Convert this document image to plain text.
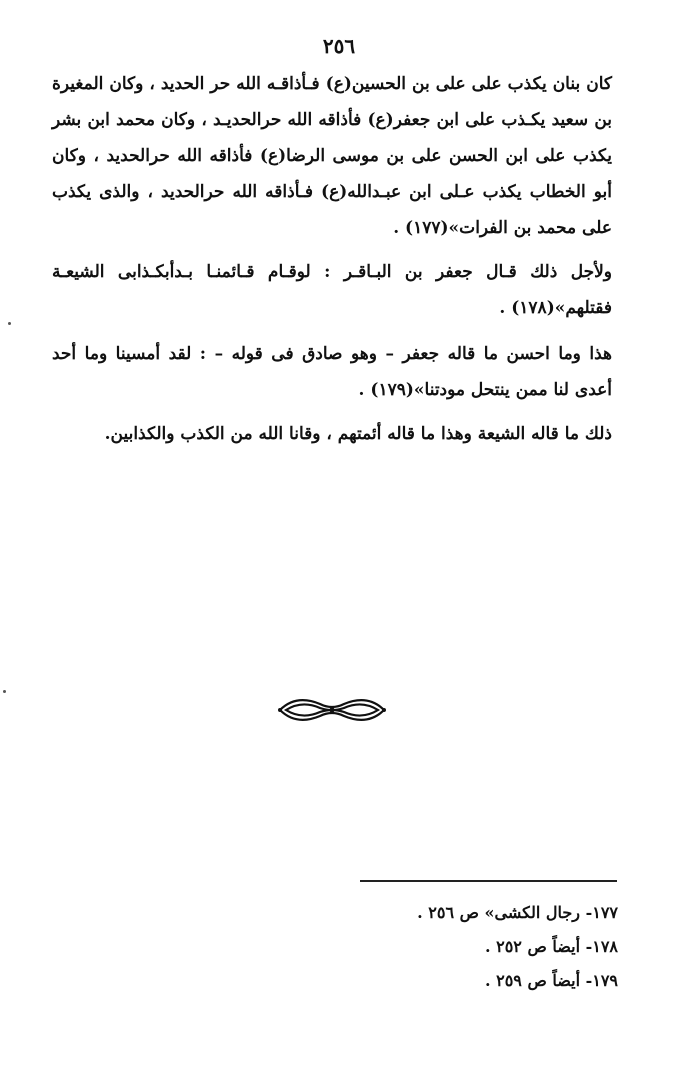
٢٥٦

كان بنان يكذب على على بن الحسين(ع) فـأذاقـه الله حر الحديد ، وكان المغيرة بن سعيد يكـذب على ابن جعفر(ع) فأذاقه الله حرالحديـد ، وكان محمد ابن بشر يكذب على ابن الحسن على بن موسى الرضا(ع) فأذاقه الله حرالحديد ، وكان أبو الخطاب يكذب عـلى ابن عبـدالله(ع) فـأذاقه الله حرالحديد ، والذى يكذب على محمد بن الفرات»(١٧٧) .

ولأجل ذلك قـال جعفر بن البـاقـر : لوقـام قـائمنـا بـدأبكـذابى الشيعـة فقتلهم»(١٧٨) .

هذا وما احسن ما قاله جعفر – وهو صادق فى قوله – : لقد أمسينا وما أحد أعدى لنا ممن ينتحل مودتنا»(١٧٩) .

ذلك ما قاله الشيعة وهذا ما قاله أئمتهم ، وقانا الله من الكذب والكذابين.

١٧٧- رجال الكشى» ص ٢٥٦ .

١٧٨- أيضاً ص ٢٥٢ .

١٧٩- أيضاً ص ٢٥٩ .
